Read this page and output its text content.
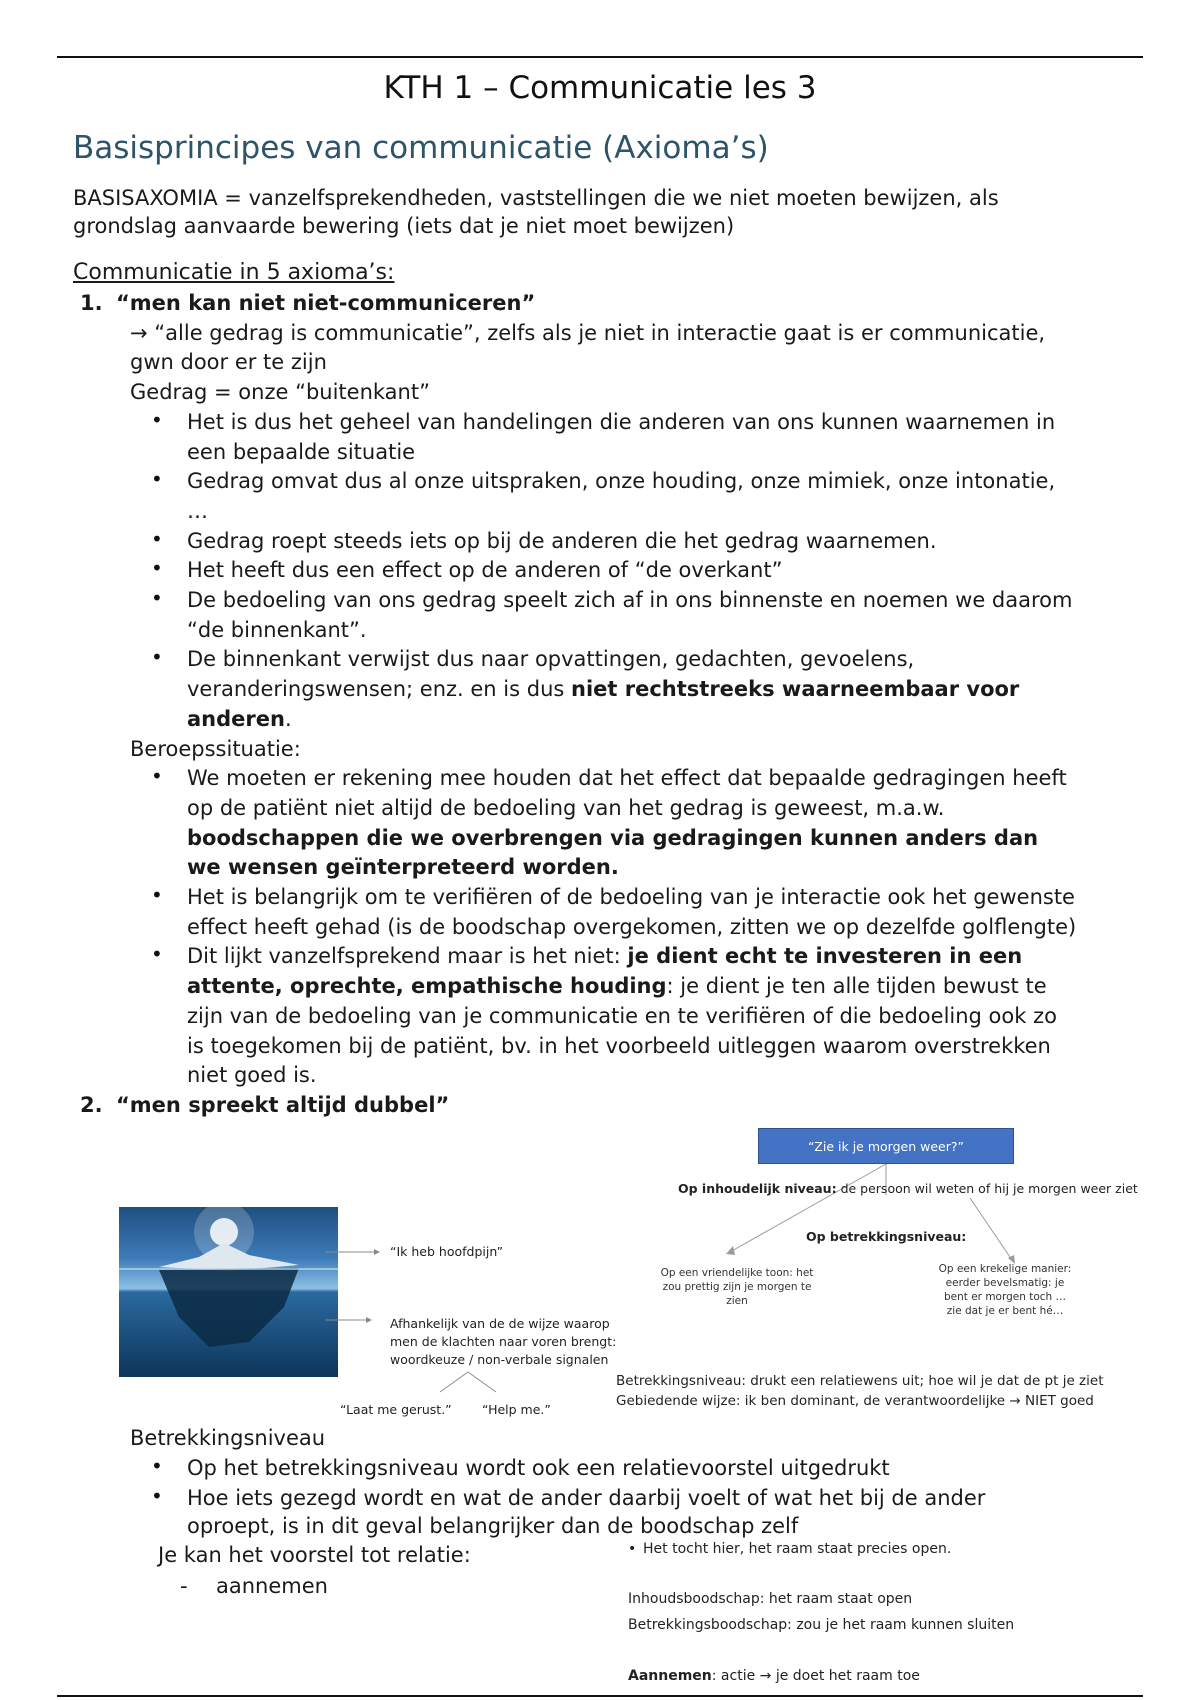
KTH 1 – Communicatie les 3
Basisprincipes van communicatie (Axioma’s)
BASISAXOMIA = vanzelfsprekendheden, vaststellingen die we niet moeten bewijzen, als
grondslag aanvaarde bewering (iets dat je niet moet bewijzen)
Communicatie in 5 axioma’s:
1. “men kan niet niet-communiceren”
→ “alle gedrag is communicatie”, zelfs als je niet in interactie gaat is er communicatie,
gwn door er te zijn
Gedrag = onze “buitenkant”
• Het is dus het geheel van handelingen die anderen van ons kunnen waarnemen in
een bepaalde situatie
• Gedrag omvat dus al onze uitspraken, onze houding, onze mimiek, onze intonatie,
…
• Gedrag roept steeds iets op bij de anderen die het gedrag waarnemen.
• Het heeft dus een effect op de anderen of “de overkant”
• De bedoeling van ons gedrag speelt zich af in ons binnenste en noemen we daarom
“de binnenkant”.
• De binnenkant verwijst dus naar opvattingen, gedachten, gevoelens,
veranderingswensen; enz. en is dus niet rechtstreeks waarneembaar voor
anderen.
Beroepssituatie:
• We moeten er rekening mee houden dat het effect dat bepaalde gedragingen heeft
op de patiënt niet altijd de bedoeling van het gedrag is geweest, m.a.w.
boodschappen die we overbrengen via gedragingen kunnen anders dan
we wensen geïnterpreteerd worden.
• Het is belangrijk om te verifiëren of de bedoeling van je interactie ook het gewenste
effect heeft gehad (is de boodschap overgekomen, zitten we op dezelfde golflengte)
• Dit lijkt vanzelfsprekend maar is het niet: je dient echt te investeren in een
attente, oprechte, empathische houding: je dient je ten alle tijden bewust te
zijn van de bedoeling van je communicatie en te verifiëren of die bedoeling ook zo
is toegekomen bij de patiënt, bv. in het voorbeeld uitleggen waarom overstrekken
niet goed is.
2. “men spreekt altijd dubbel”
“Ik heb hoofdpijn”
Afhankelijk van de de wijze waarop
men de klachten naar voren brengt:
woordkeuze / non-verbale signalen
“Laat me gerust.” “Help me.”
“Zie ik je morgen weer?”
Op inhoudelijk niveau: de persoon wil weten of hij je morgen weer ziet
Op betrekkingsniveau:
Op een vriendelijke toon: het
zou prettig zijn je morgen te
zien
Op een krekelige manier:
eerder bevelsmatig: je
bent er morgen toch …
zie dat je er bent hé…
Betrekkingsniveau: drukt een relatiewens uit; hoe wil je dat de pt je ziet
Gebiedende wijze: ik ben dominant, de verantwoordelijke → NIET goed
Betrekkingsniveau
• Op het betrekkingsniveau wordt ook een relatievoorstel uitgedrukt
• Hoe iets gezegd wordt en wat de ander daarbij voelt of wat het bij de ander
oproept, is in dit geval belangrijker dan de boodschap zelf
Je kan het voorstel tot relatie:
- aannemen
• Het tocht hier, het raam staat precies open.
Inhoudsboodschap: het raam staat open
Betrekkingsboodschap: zou je het raam kunnen sluiten
Aannemen: actie → je doet het raam toe
